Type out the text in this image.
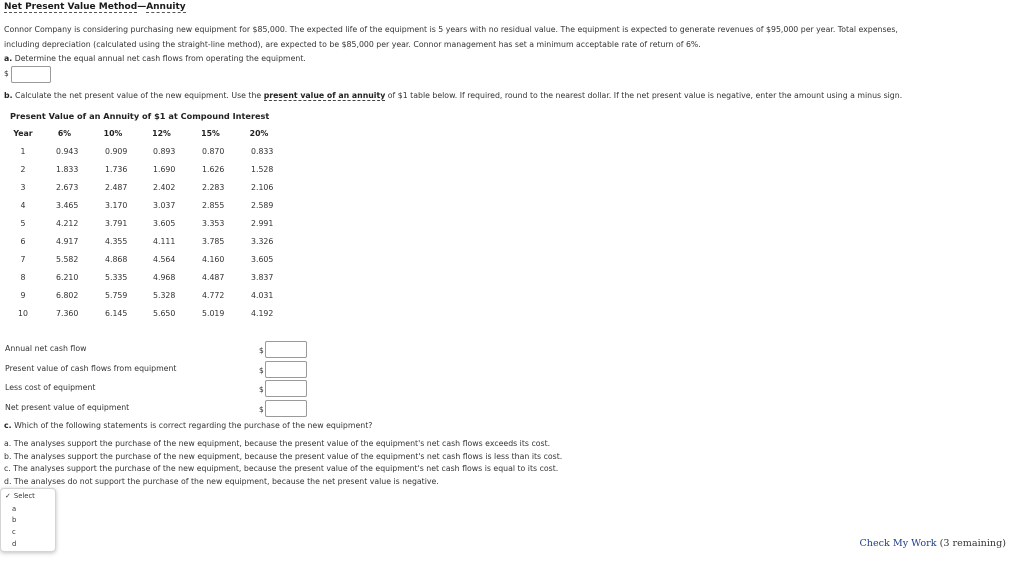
Net Present Value Method—Annuity
Connor Company is considering purchasing new equipment for $85,000. The expected life of the equipment is 5 years with no residual value. The equipment is expected to generate revenues of $95,000 per year. Total expenses,
including depreciation (calculated using the straight-line method), are expected to be $85,000 per year. Connor management has set a minimum acceptable rate of return of 6%.
a. Determine the equal annual net cash flows from operating the equipment.
$
b. Calculate the net present value of the new equipment. Use the present value of an annuity of $1 table below. If required, round to the nearest dollar. If the net present value is negative, enter the amount using a minus sign.
Present Value of an Annuity of $1 at Compound Interest
Year	6%	10%	12%	15%	20%
1	0.943	0.909	0.893	0.870	0.833
2	1.833	1.736	1.690	1.626	1.528
3	2.673	2.487	2.402	2.283	2.106
4	3.465	3.170	3.037	2.855	2.589
5	4.212	3.791	3.605	3.353	2.991
6	4.917	4.355	4.111	3.785	3.326
7	5.582	4.868	4.564	4.160	3.605
8	6.210	5.335	4.968	4.487	3.837
9	6.802	5.759	5.328	4.772	4.031
10	7.360	6.145	5.650	5.019	4.192
Annual net cash flow	$
Present value of cash flows from equipment	$
Less cost of equipment	$
Net present value of equipment	$
c. Which of the following statements is correct regarding the purchase of the new equipment?
a. The analyses support the purchase of the new equipment, because the present value of the equipment's net cash flows exceeds its cost.
b. The analyses support the purchase of the new equipment, because the present value of the equipment's net cash flows is less than its cost.
c. The analyses support the purchase of the new equipment, because the present value of the equipment's net cash flows is equal to its cost.
d. The analyses do not support the purchase of the new equipment, because the net present value is negative.
✓ Select
a
b
c
d	Check My Work (3 remaining)
